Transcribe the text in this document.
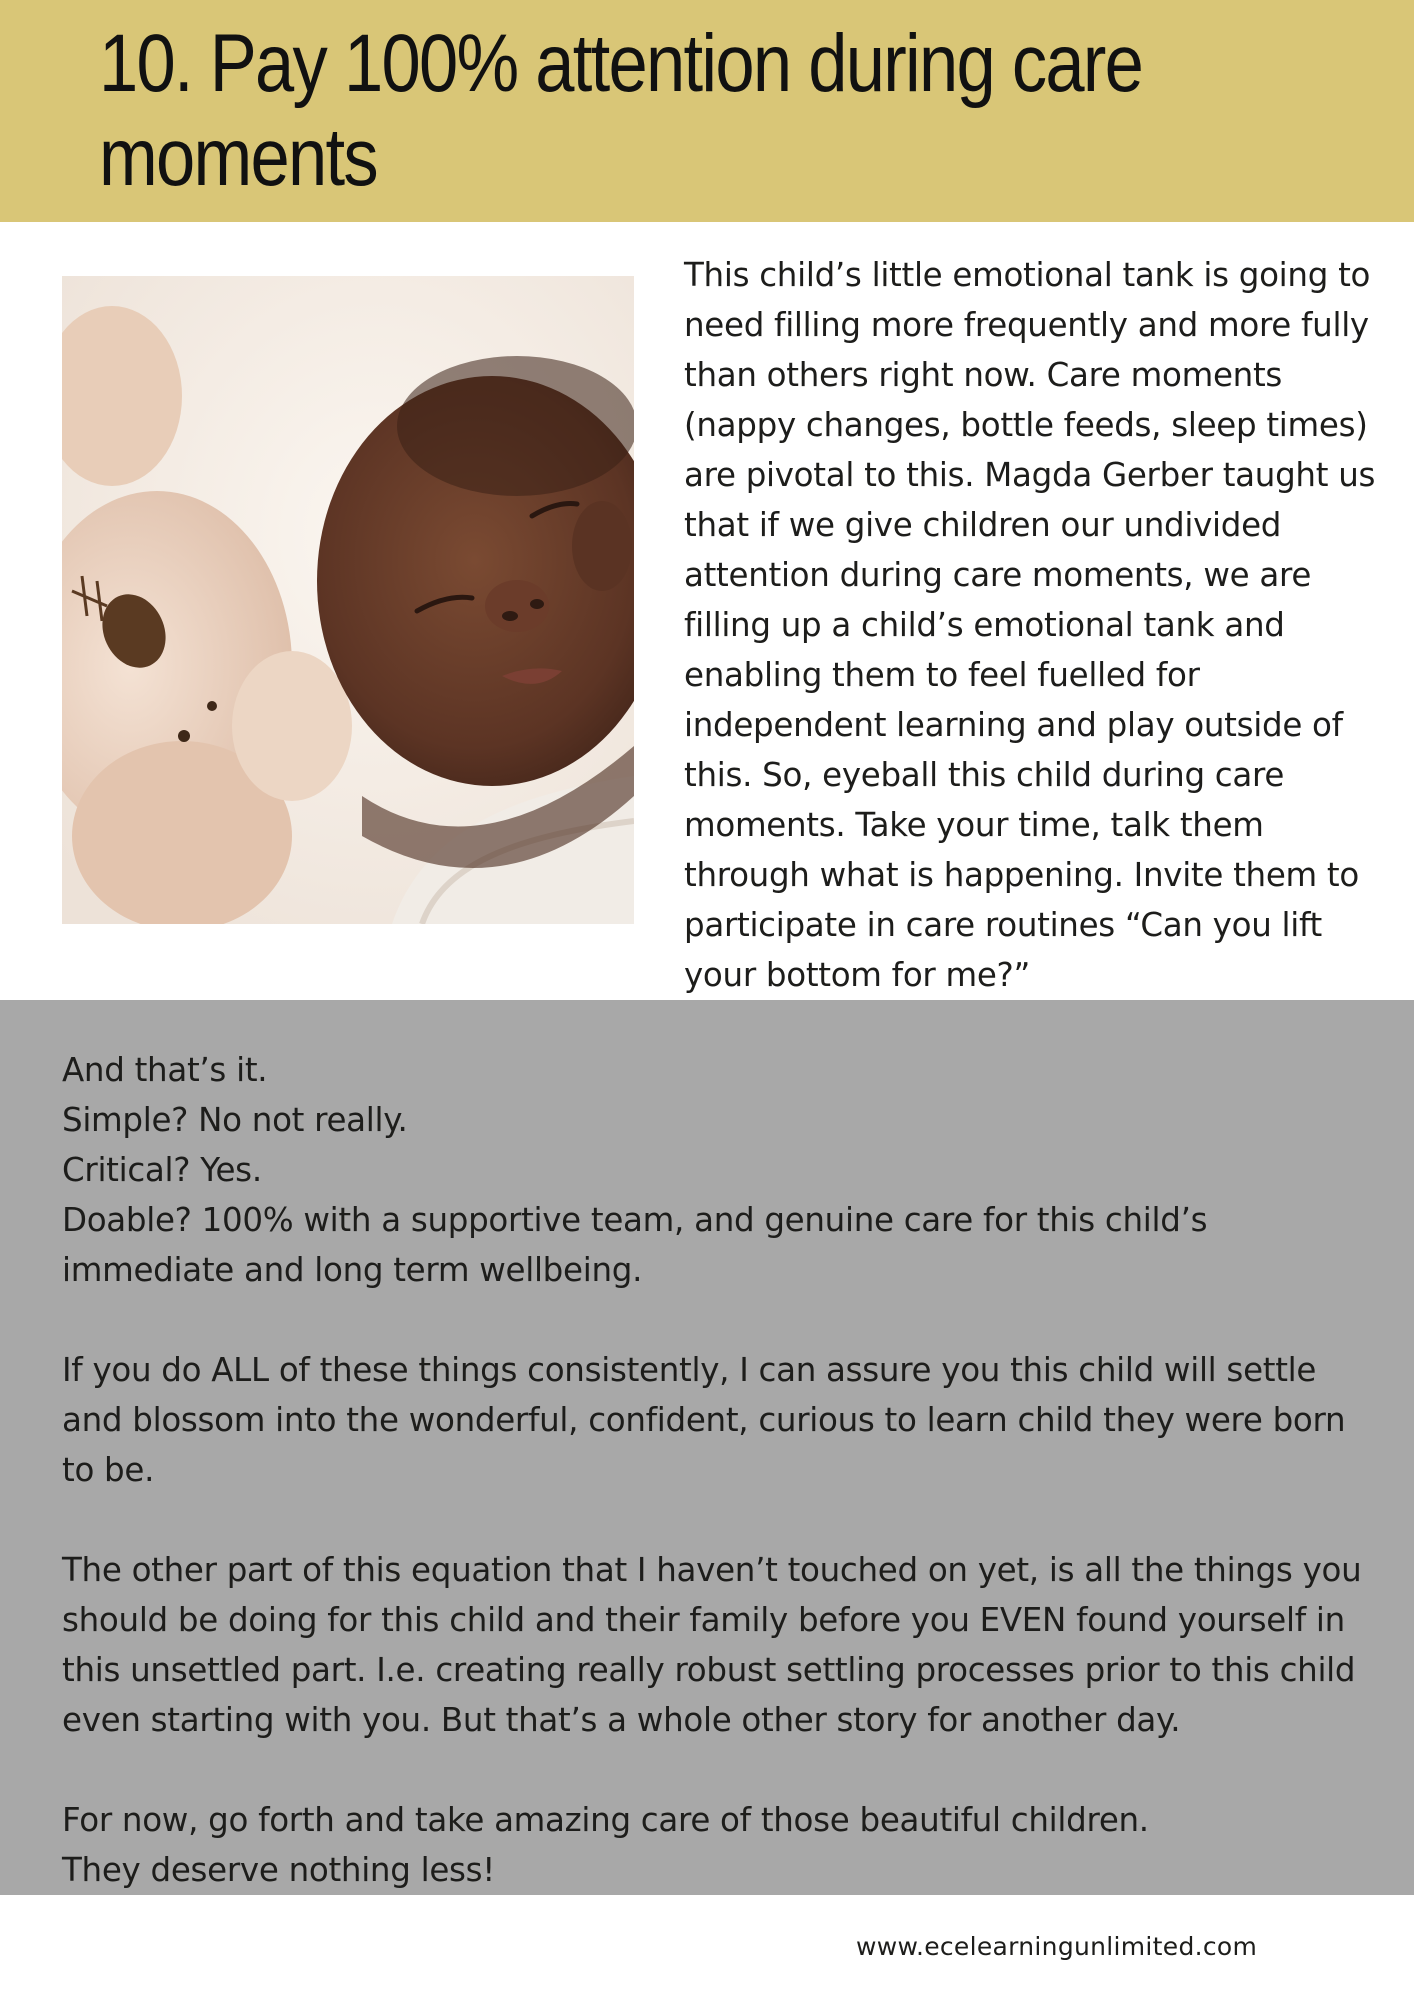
10. Pay 100% attention during care moments

This child’s little emotional tank is going to need filling more frequently and more fully than others right now. Care moments (nappy changes, bottle feeds, sleep times) are pivotal to this. Magda Gerber taught us that if we give children our undivided attention during care moments, we are filling up a child’s emotional tank and enabling them to feel fuelled for independent learning and play outside of this. So, eyeball this child during care moments. Take your time, talk them through what is happening. Invite them to participate in care routines “Can you lift your bottom for me?”

And that’s it.

Simple? No not really.

Critical? Yes.

Doable? 100% with a supportive team, and genuine care for this child’s immediate and long term wellbeing.

If you do ALL of these things consistently, I can assure you this child will settle and blossom into the wonderful, confident, curious to learn child they were born to be.

The other part of this equation that I haven’t touched on yet, is all the things you should be doing for this child and their family before you EVEN found yourself in this unsettled part. I.e. creating really robust settling processes prior to this child even starting with you. But that’s a whole other story for another day.

For now, go forth and take amazing care of those beautiful children.

They deserve nothing less!

www.ecelearningunlimited.com
